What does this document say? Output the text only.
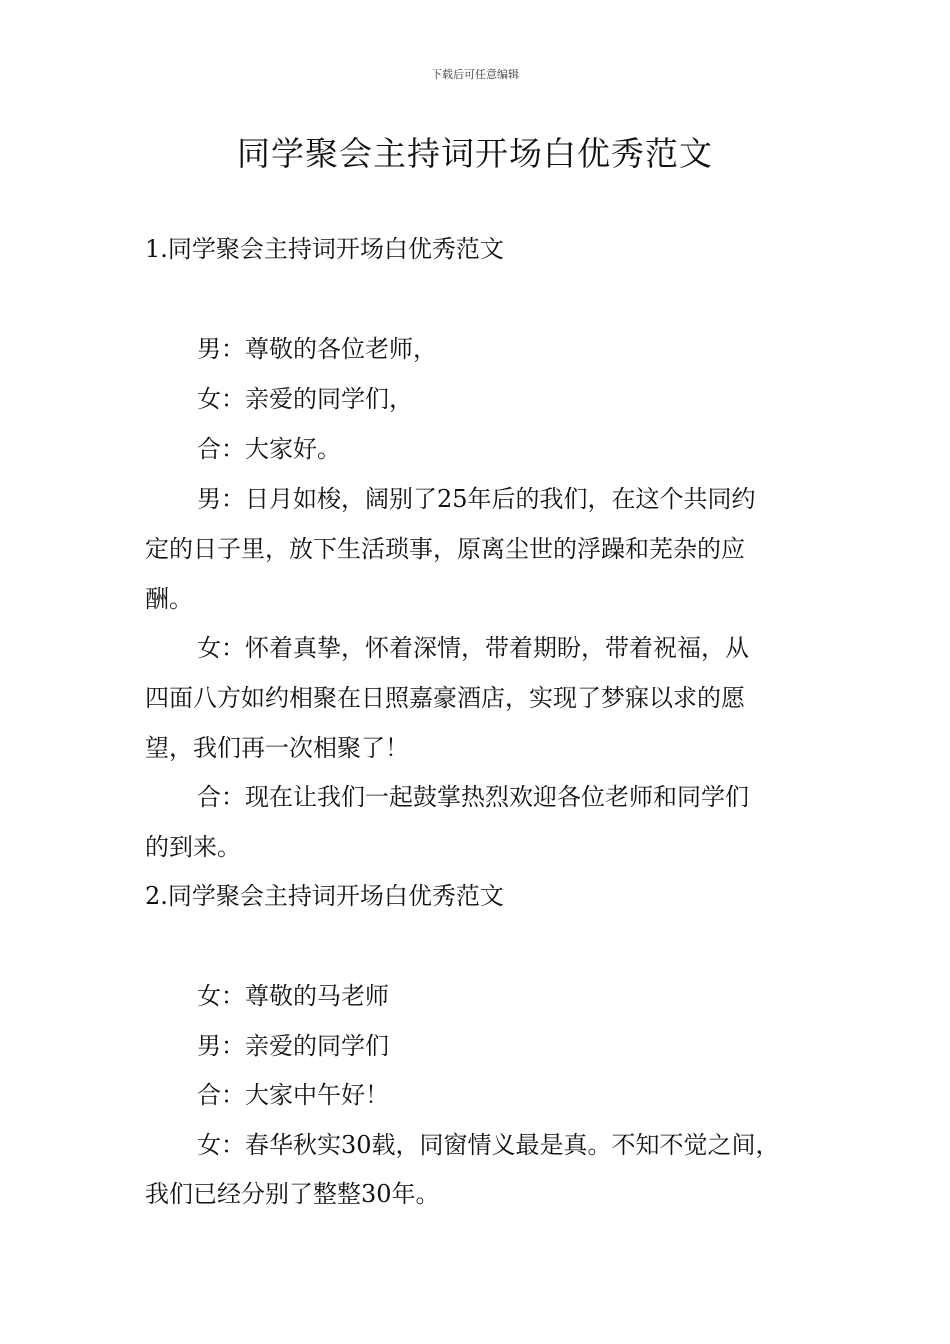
下载后可任意编辑
同学聚会主持词开场白优秀范文
1.同学聚会主持词开场白优秀范文
男：尊敬的各位老师，
女：亲爱的同学们，
合：大家好。
男：日月如梭，阔别了25年后的我们，在这个共同约
定的日子里，放下生活琐事，原离尘世的浮躁和芜杂的应
酬。
女：怀着真挚，怀着深情，带着期盼，带着祝福，从
四面八方如约相聚在日照嘉豪酒店，实现了梦寐以求的愿
望，我们再一次相聚了！
合：现在让我们一起鼓掌热烈欢迎各位老师和同学们
的到来。
2.同学聚会主持词开场白优秀范文
女：尊敬的马老师
男：亲爱的同学们
合：大家中午好！
女：春华秋实30载，同窗情义最是真。不知不觉之间，
我们已经分别了整整30年。
